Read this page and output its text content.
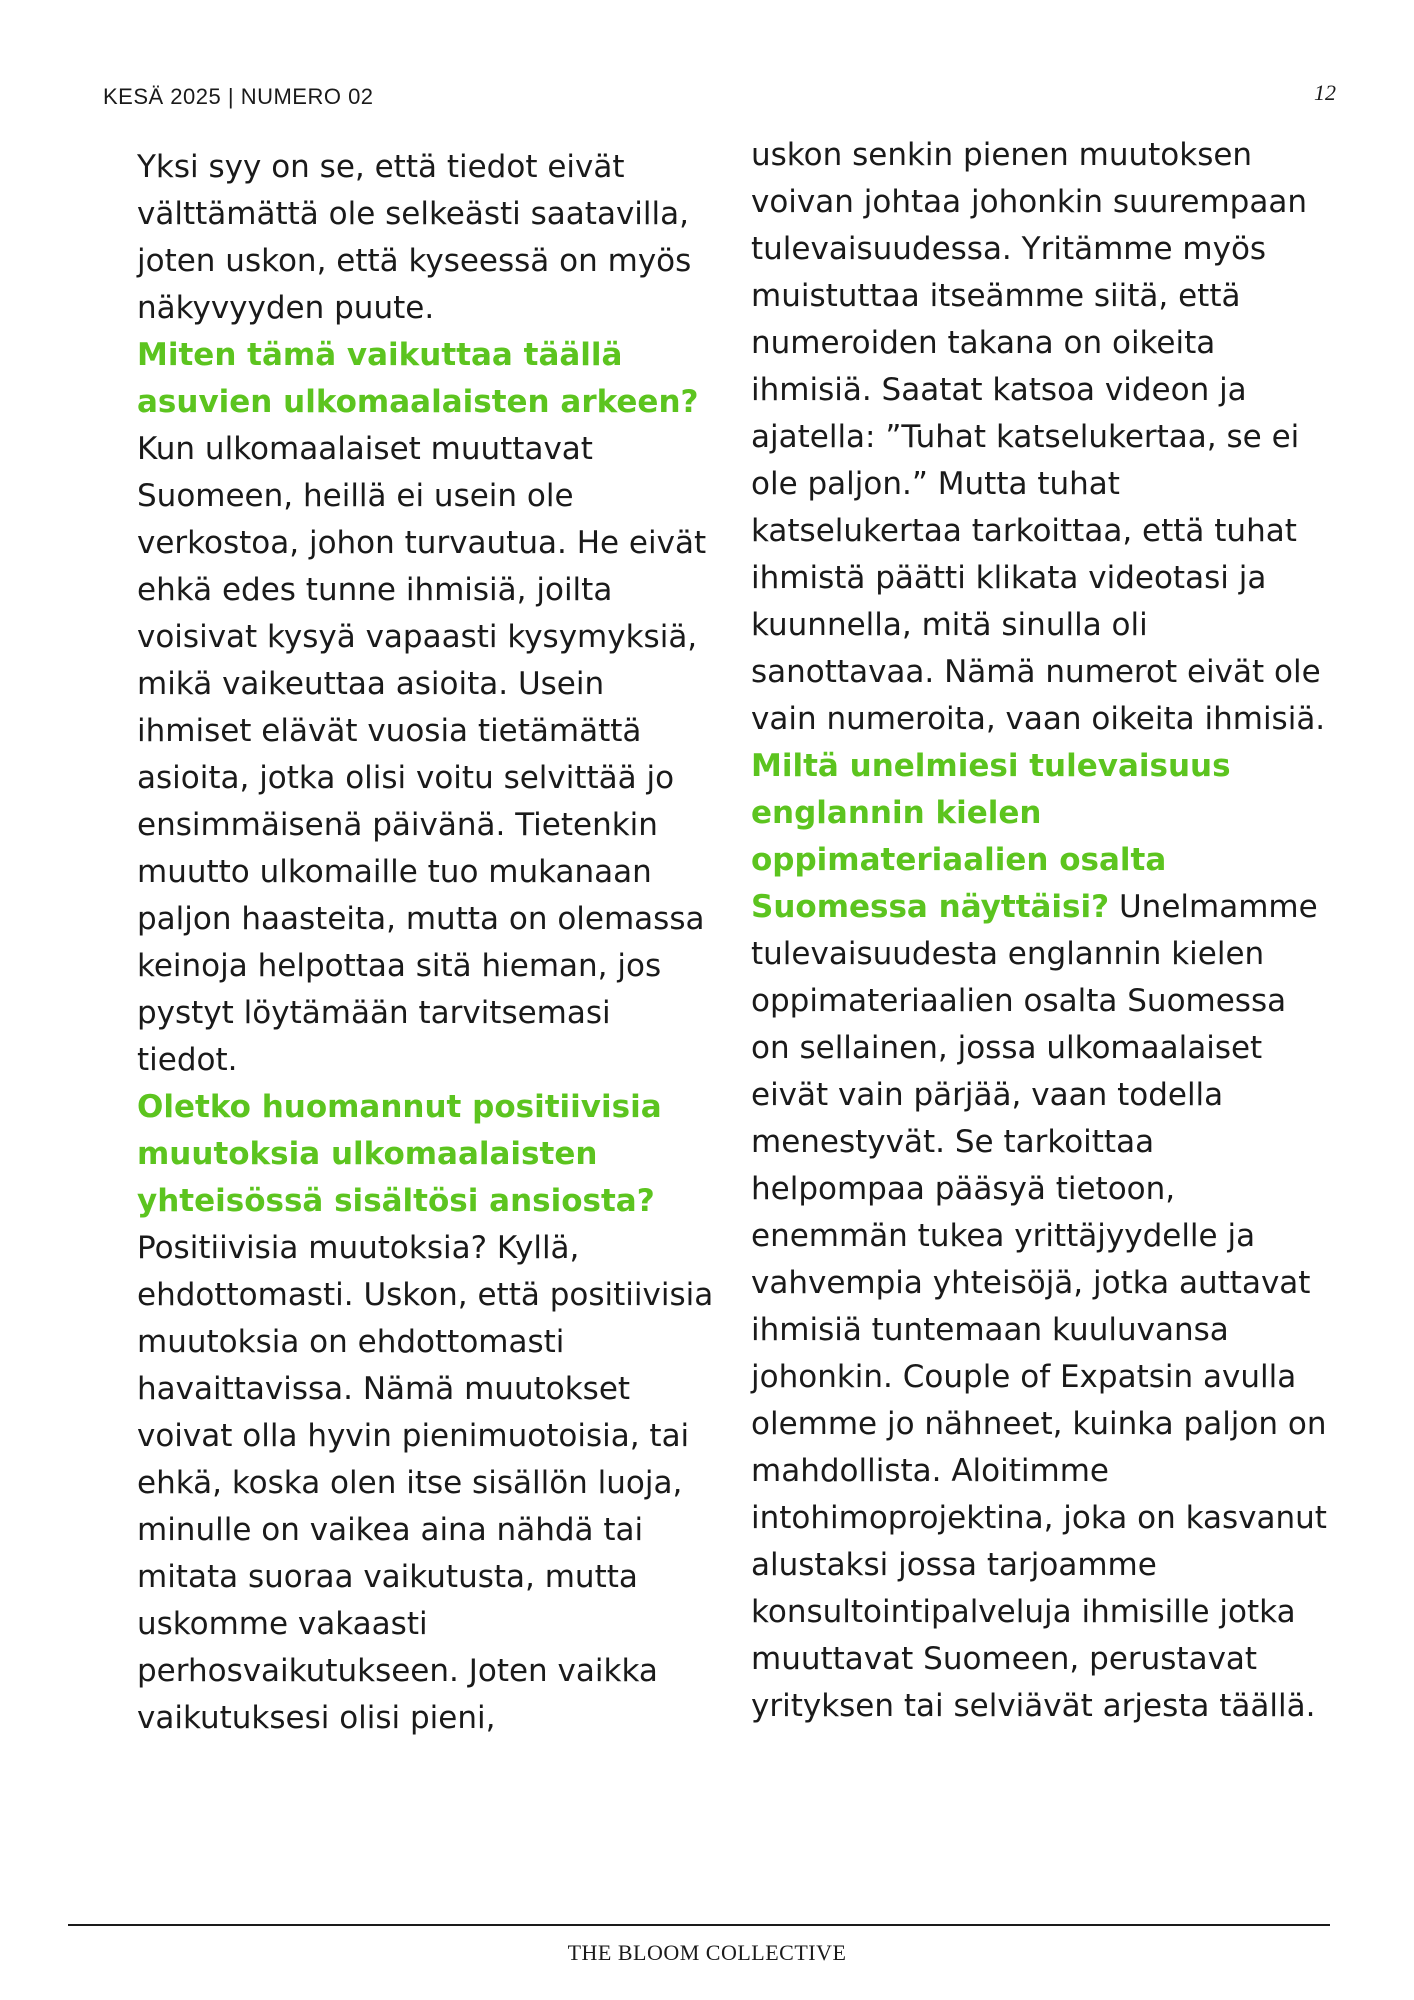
KESÄ 2025 | NUMERO 02	12

Yksi syy on se, että tiedot eivät välttämättä ole selkeästi saatavilla, joten uskon, että kyseessä on myös näkyvyyden puute.

Miten tämä vaikuttaa täällä asuvien ulkomaalaisten arkeen?

Kun ulkomaalaiset muuttavat Suomeen, heillä ei usein ole verkostoa, johon turvautua. He eivät ehkä edes tunne ihmisiä, joilta voisivat kysyä vapaasti kysymyksiä, mikä vaikeuttaa asioita. Usein ihmiset elävät vuosia tietämättä asioita, jotka olisi voitu selvittää jo ensimmäisenä päivänä. Tietenkin muutto ulkomaille tuo mukanaan paljon haasteita, mutta on olemassa keinoja helpottaa sitä hieman, jos pystyt löytämään tarvitsemasi tiedot.

Oletko huomannut positiivisia muutoksia ulkomaalaisten yhteisössä sisältösi ansiosta?

Positiivisia muutoksia? Kyllä, ehdottomasti. Uskon, että positiivisia muutoksia on ehdottomasti havaittavissa. Nämä muutokset voivat olla hyvin pienimuotoisia, tai ehkä, koska olen itse sisällön luoja, minulle on vaikea aina nähdä tai mitata suoraa vaikutusta, mutta uskomme vakaasti perhosvaikutukseen. Joten vaikka vaikutuksesi olisi pieni,

uskon senkin pienen muutoksen voivan johtaa johonkin suurempaan tulevaisuudessa. Yritämme myös muistuttaa itseämme siitä, että numeroiden takana on oikeita ihmisiä. Saatat katsoa videon ja ajatella: ”Tuhat katselukertaa, se ei ole paljon.” Mutta tuhat katselukertaa tarkoittaa, että tuhat ihmistä päätti klikata videotasi ja kuunnella, mitä sinulla oli sanottavaa. Nämä numerot eivät ole vain numeroita, vaan oikeita ihmisiä.

Miltä unelmiesi tulevaisuus englannin kielen oppimateriaalien osalta Suomessa näyttäisi? Unelmamme tulevaisuudesta englannin kielen oppimateriaalien osalta Suomessa on sellainen, jossa ulkomaalaiset eivät vain pärjää, vaan todella menestyvät. Se tarkoittaa helpompaa pääsyä tietoon, enemmän tukea yrittäjyydelle ja vahvempia yhteisöjä, jotka auttavat ihmisiä tuntemaan kuuluvansa johonkin. Couple of Expatsin avulla olemme jo nähneet, kuinka paljon on mahdollista. Aloitimme intohimoprojektina, joka on kasvanut alustaksi jossa tarjoamme konsultointipalveluja ihmisille jotka muuttavat Suomeen, perustavat yrityksen tai selviävät arjesta täällä.

THE BLOOM COLLECTIVE
